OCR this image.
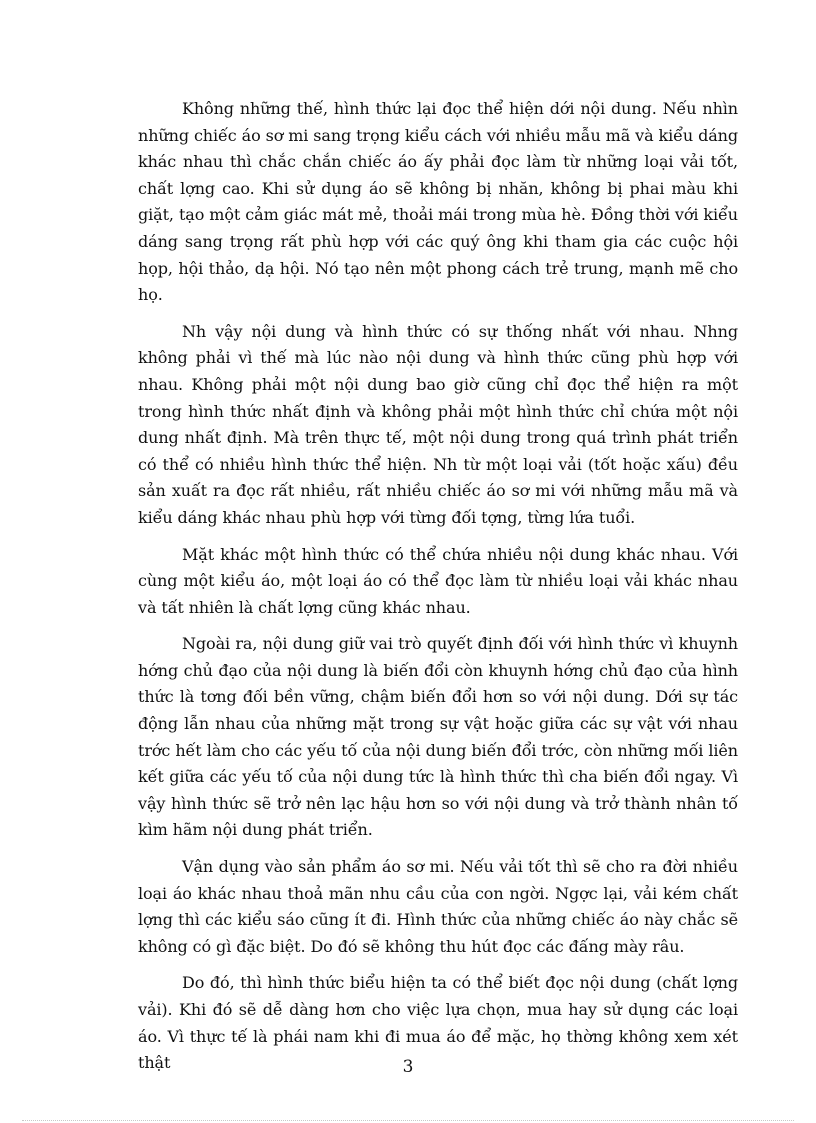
Không những thế, hình thức lại đọc thể hiện dới nội dung. Nếu nhìn những chiếc áo sơ mi sang trọng kiểu cách với nhiều mẫu mã và kiểu dáng khác nhau thì chắc chắn chiếc áo ấy phải đọc làm từ những loại vải tốt, chất lợng cao. Khi sử dụng áo sẽ không bị nhăn, không bị phai màu khi giặt, tạo một cảm giác mát mẻ, thoải mái trong mùa hè. Đồng thời với kiểu dáng sang trọng rất phù hợp với các quý ông khi tham gia các cuộc hội họp, hội thảo, dạ hội. Nó tạo nên một phong cách trẻ trung, mạnh mẽ cho họ.

Nh vậy nội dung và hình thức có sự thống nhất với nhau. Nhng không phải vì thế mà lúc nào nội dung và hình thức cũng phù hợp với nhau. Không phải một nội dung bao giờ cũng chỉ đọc thể hiện ra một trong hình thức nhất định và không phải một hình thức chỉ chứa một nội dung nhất định. Mà trên thực tế, một nội dung trong quá trình phát triển có thể có nhiều hình thức thể hiện. Nh từ một loại vải (tốt hoặc xấu) đều sản xuất ra đọc rất nhiều, rất nhiều chiếc áo sơ mi với những mẫu mã và kiểu dáng khác nhau phù hợp với từng đối tợng, từng lứa tuổi.

Mặt khác một hình thức có thể chứa nhiều nội dung khác nhau. Với cùng một kiểu áo, một loại áo có thể đọc làm từ nhiều loại vải khác nhau và tất nhiên là chất lợng cũng khác nhau.

Ngoài ra, nội dung giữ vai trò quyết định đối với hình thức vì khuynh hớng chủ đạo của nội dung là biến đổi còn khuynh hớng chủ đạo của hình thức là tơng đối bền vững, chậm biến đổi hơn so với nội dung. Dới sự tác động lẫn nhau của những mặt trong sự vật hoặc giữa các sự vật với nhau trớc hết làm cho các yếu tố của nội dung biến đổi trớc, còn những mối liên kết giữa các yếu tố của nội dung tức là hình thức thì cha biến đổi ngay. Vì vậy hình thức sẽ trở nên lạc hậu hơn so với nội dung và trở thành nhân tố kìm hãm nội dung phát triển.

Vận dụng vào sản phẩm áo sơ mi. Nếu vải tốt thì sẽ cho ra đời nhiều loại áo khác nhau thoả mãn nhu cầu của con ngời. Ngợc lại, vải kém chất lợng thì các kiểu sáo cũng ít đi. Hình thức của những chiếc áo này chắc sẽ không có gì đặc biệt. Do đó sẽ không thu hút đọc các đấng mày râu.

Do đó, thì hình thức biểu hiện ta có thể biết đọc nội dung (chất lợng vải). Khi đó sẽ dễ dàng hơn cho việc lựa chọn, mua hay sử dụng các loại áo. Vì thực tế là phái nam khi đi mua áo để mặc, họ thờng không xem xét thật	3
